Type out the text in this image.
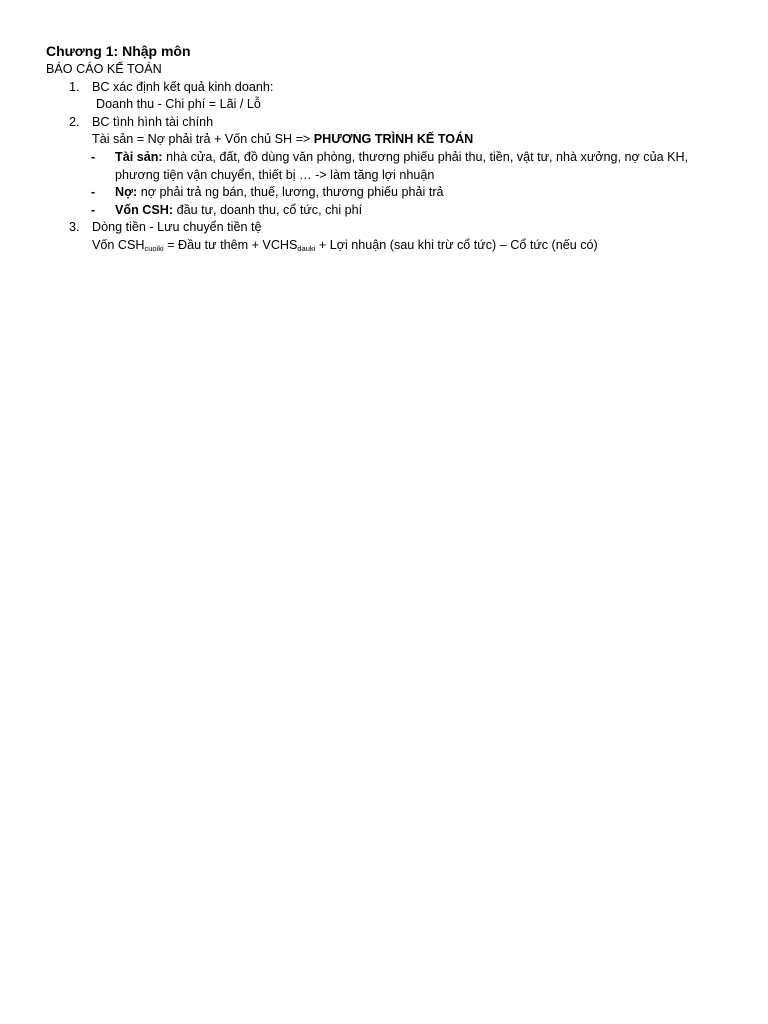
Chương 1: Nhập môn
BÁO CÁO KẾ TOÁN
1. BC xác định kết quả kinh doanh:
Doanh thu - Chi phí = Lãi / Lỗ
2. BC tình hình tài chính
Tài sản = Nợ phải trả + Vốn chủ SH => PHƯƠNG TRÌNH KẾ TOÁN
- Tài sản: nhà cửa, đất, đồ dùng văn phòng, thương phiếu phải thu, tiền, vật tư, nhà xưởng, nợ của KH,
phương tiện vận chuyển, thiết bị … -> làm tăng lợi nhuận
- Nợ: nợ phải trả ng bán, thuế, lương, thương phiếu phải trả
- Vốn CSH: đầu tư, doanh thu, cổ tức, chi phí
3. Dòng tiền - Lưu chuyển tiền tệ
Vốn $CSH_{cuoiki}$ = Đầu tư thêm + $VCHS_{dauki}$ + Lợi nhuận (sau khi trừ cổ tức) – Cổ tức (nếu có)
